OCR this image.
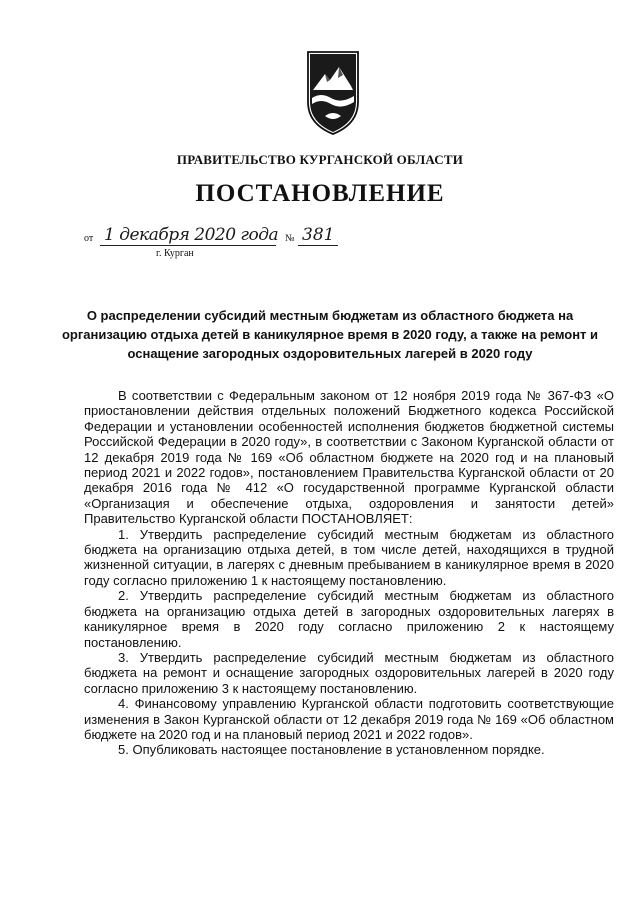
ПРАВИТЕЛЬСТВО КУРГАНСКОЙ ОБЛАСТИ
ПОСТАНОВЛЕНИЕ
от 1 декабря 2020 года № 381
г. Курган
О распределении субсидий местным бюджетам из областного бюджета на организацию отдыха детей в каникулярное время в 2020 году, а также на ремонт и оснащение загородных оздоровительных лагерей в 2020 году

В соответствии с Федеральным законом от 12 ноября 2019 года № 367-ФЗ «О приостановлении действия отдельных положений Бюджетного кодекса Российской Федерации и установлении особенностей исполнения бюджетов бюджетной системы Российской Федерации в 2020 году», в соответствии с Законом Курганской области от 12 декабря 2019 года № 169 «Об областном бюджете на 2020 год и на плановый период 2021 и 2022 годов», постановлением Правительства Курганской области от 20 декабря 2016 года № 412 «О государственной программе Курганской области «Организация и обеспечение отдыха, оздоровления и занятости детей» Правительство Курганской области ПОСТАНОВЛЯЕТ:

1. Утвердить распределение субсидий местным бюджетам из областного бюджета на организацию отдыха детей, в том числе детей, находящихся в трудной жизненной ситуации, в лагерях с дневным пребыванием в каникулярное время в 2020 году согласно приложению 1 к настоящему постановлению.

2. Утвердить распределение субсидий местным бюджетам из областного бюджета на организацию отдыха детей в загородных оздоровительных лагерях в каникулярное время в 2020 году согласно приложению 2 к настоящему постановлению.

3. Утвердить распределение субсидий местным бюджетам из областного бюджета на ремонт и оснащение загородных оздоровительных лагерей в 2020 году согласно приложению 3 к настоящему постановлению.

4. Финансовому управлению Курганской области подготовить соответствующие изменения в Закон Курганской области от 12 декабря 2019 года № 169 «Об областном бюджете на 2020 год и на плановый период 2021 и 2022 годов».

5. Опубликовать настоящее постановление в установленном порядке.
